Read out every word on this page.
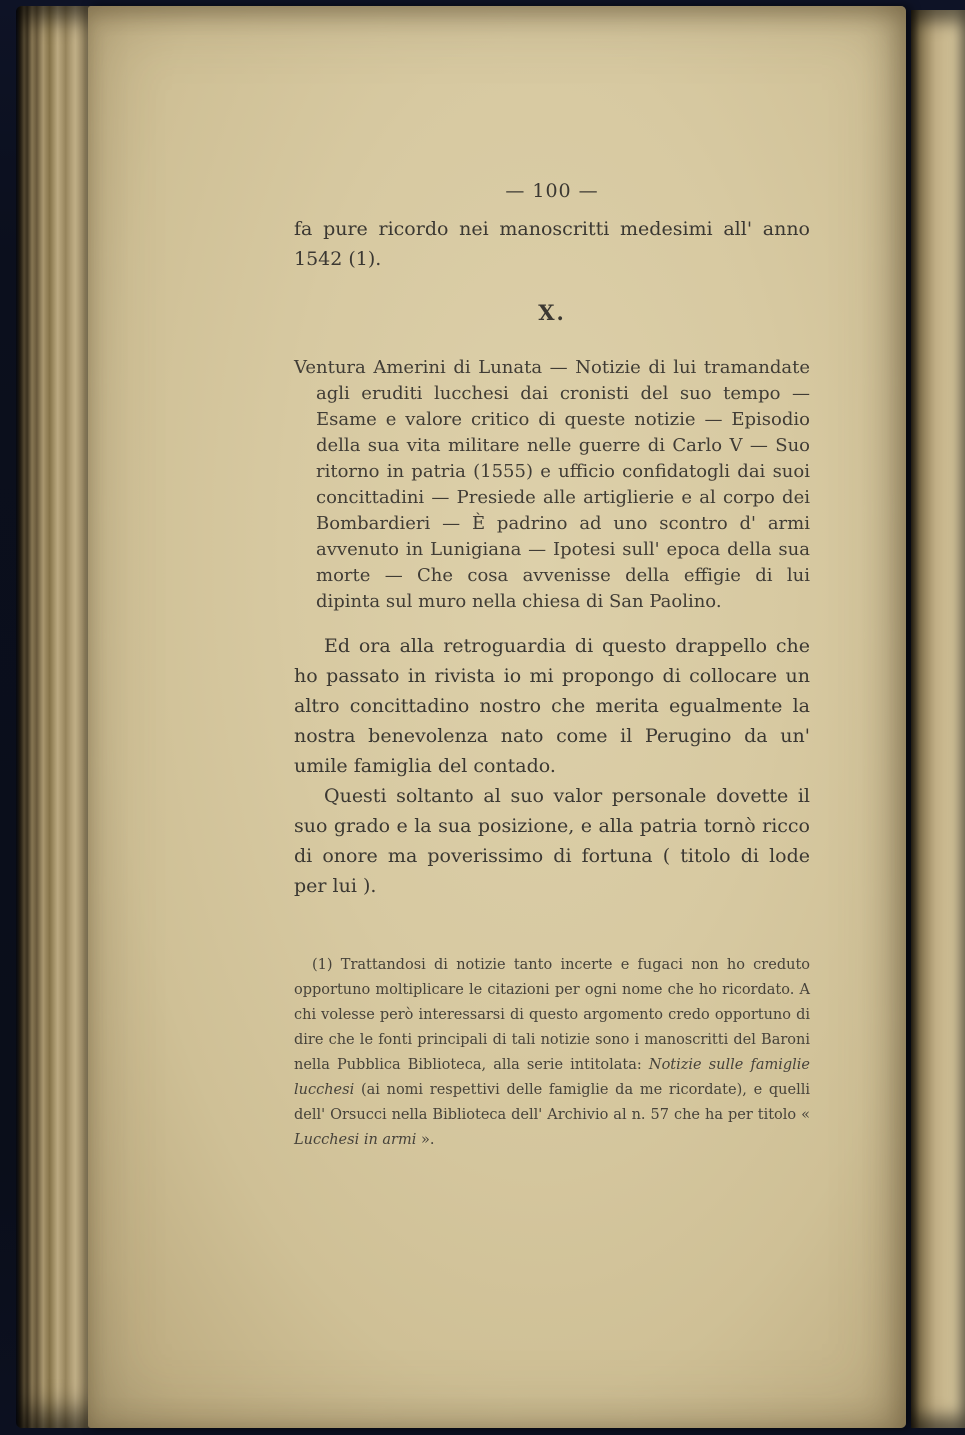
— 100 —

fa pure ricordo nei manoscritti medesimi all' anno 1542 (1).

X.

Ventura Amerini di Lunata — Notizie di lui tramandate agli eruditi lucchesi dai cronisti del suo tempo — Esame e valore critico di queste notizie — Episodio della sua vita militare nelle guerre di Carlo V — Suo ritorno in patria (1555) e ufficio confidatogli dai suoi concittadini — Presiede alle artiglierie e al corpo dei Bombardieri — È padrino ad uno scontro d' armi avvenuto in Lunigiana — Ipotesi sull' epoca della sua morte — Che cosa avvenisse della effigie di lui dipinta sul muro nella chiesa di San Paolino.

Ed ora alla retroguardia di questo drappello che ho passato in rivista io mi propongo di collocare un altro concittadino nostro che merita egualmente la nostra benevolenza nato come il Perugino da un' umile famiglia del contado.

Questi soltanto al suo valor personale dovette il suo grado e la sua posizione, e alla patria tornò ricco di onore ma poverissimo di fortuna ( titolo di lode per lui ).

(1) Trattandosi di notizie tanto incerte e fugaci non ho creduto opportuno moltiplicare le citazioni per ogni nome che ho ricordato. A chi volesse però interessarsi di questo argomento credo opportuno di dire che le fonti principali di tali notizie sono i manoscritti del Baroni nella Pubblica Biblioteca, alla serie intitolata: Notizie sulle famiglie lucchesi (ai nomi respettivi delle famiglie da me ricordate), e quelli dell' Orsucci nella Biblioteca dell' Archivio al n. 57 che ha per titolo « Lucchesi in armi ».
